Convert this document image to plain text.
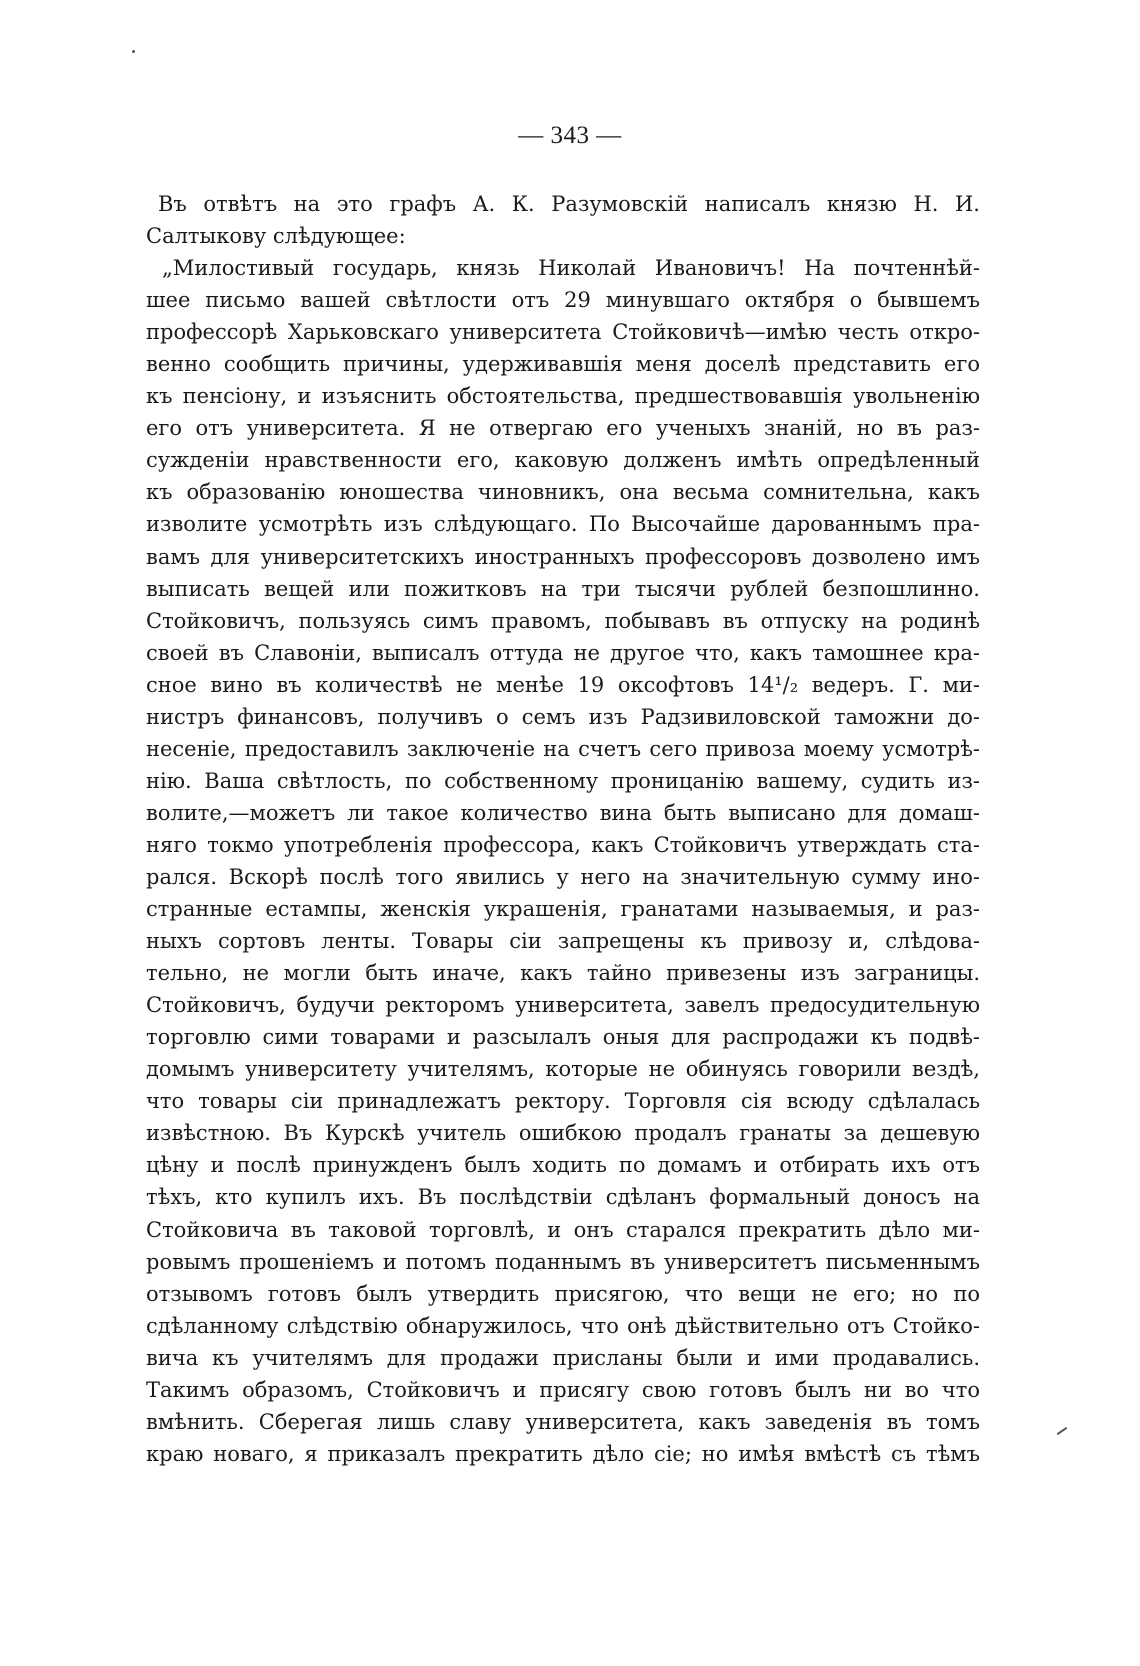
— 343 —
Въ отвѣтъ на это графъ А. К. Разумовскій написалъ князю Н. И.
Салтыкову слѣдующее:
„Милостивый государь, князь Николай Ивановичъ! На почтеннѣй-
шее письмо вашей свѣтлости отъ 29 минувшаго октября о бывшемъ
профессорѣ Харьковскаго университета Стойковичѣ—имѣю честь откро-
венно сообщить причины, удерживавшія меня доселѣ представить его
къ пенсіону, и изъяснить обстоятельства, предшествовавшія увольненію
его отъ университета. Я не отвергаю его ученыхъ знаній, но въ раз-
сужденіи нравственности его, каковую долженъ имѣть опредѣленный
къ образованію юношества чиновникъ, она весьма сомнительна, какъ
изволите усмотрѣть изъ слѣдующаго. По Высочайше дарованнымъ пра-
вамъ для университетскихъ иностранныхъ профессоровъ дозволено имъ
выписать вещей или пожитковъ на три тысячи рублей безпошлинно.
Стойковичъ, пользуясь симъ правомъ, побывавъ въ отпуску на родинѣ
своей въ Славоніи, выписалъ оттуда не другое что, какъ тамошнее кра-
сное вино въ количествѣ не менѣе 19 оксофтовъ 14¹/₂ ведеръ. Г. ми-
нистръ финансовъ, получивъ о семъ изъ Радзивиловской таможни до-
несеніе, предоставилъ заключеніе на счетъ сего привоза моему усмотрѣ-
нію. Ваша свѣтлость, по собственному проницанію вашему, судить из-
волите,—можетъ ли такое количество вина быть выписано для домаш-
няго токмо употребленія профессора, какъ Стойковичъ утверждать ста-
рался. Вскорѣ послѣ того явились у него на значительную сумму ино-
странные естампы, женскія украшенія, гранатами называемыя, и раз-
ныхъ сортовъ ленты. Товары сіи запрещены къ привозу и, слѣдова-
тельно, не могли быть иначе, какъ тайно привезены изъ заграницы.
Стойковичъ, будучи ректоромъ университета, завелъ предосудительную
торговлю сими товарами и разсылалъ оныя для распродажи къ подвѣ-
домымъ университету учителямъ, которые не обинуясь говорили вездѣ,
что товары сіи принадлежатъ ректору. Торговля сія всюду сдѣлалась
извѣстною. Въ Курскѣ учитель ошибкою продалъ гранаты за дешевую
цѣну и послѣ принужденъ былъ ходить по домамъ и отбирать ихъ отъ
тѣхъ, кто купилъ ихъ. Въ послѣдствіи сдѣланъ формальный доносъ на
Стойковича въ таковой торговлѣ, и онъ старался прекратить дѣло ми-
ровымъ прошеніемъ и потомъ поданнымъ въ университетъ письменнымъ
отзывомъ готовъ былъ утвердить присягою, что вещи не его; но по
сдѣланному слѣдствію обнаружилось, что онѣ дѣйствительно отъ Стойко-
вича къ учителямъ для продажи присланы были и ими продавались.
Такимъ образомъ, Стойковичъ и присягу свою готовъ былъ ни во что
вмѣнить. Сберегая лишь славу университета, какъ заведенія въ томъ
краю новаго, я приказалъ прекратить дѣло сіе; но имѣя вмѣстѣ съ тѣмъ
